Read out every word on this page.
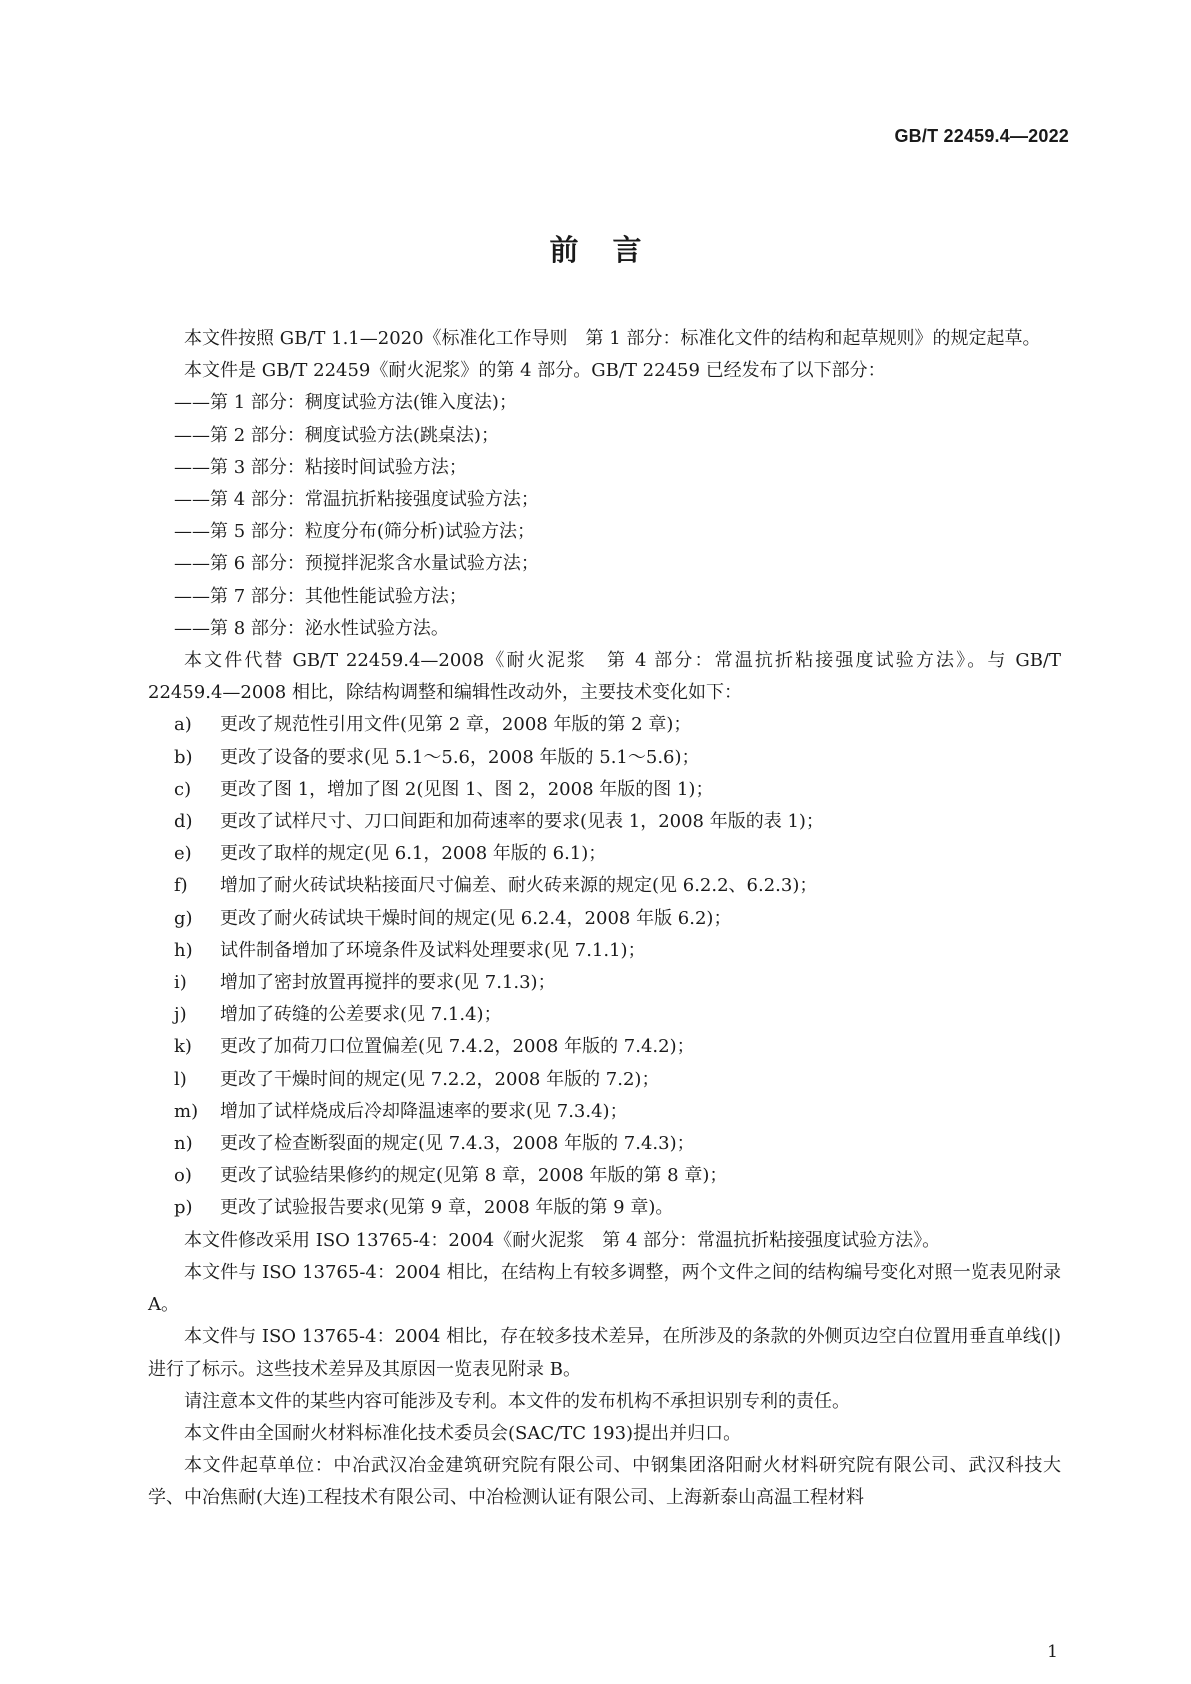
GB/T 22459.4—2022
前言

本文件按照 GB/T 1.1—2020《标准化工作导则　第 1 部分：标准化文件的结构和起草规则》的规定起草。

本文件是 GB/T 22459《耐火泥浆》的第 4 部分。GB/T 22459 已经发布了以下部分：

——第 1 部分：稠度试验方法(锥入度法)；

——第 2 部分：稠度试验方法(跳桌法)；

——第 3 部分：粘接时间试验方法；

——第 4 部分：常温抗折粘接强度试验方法；

——第 5 部分：粒度分布(筛分析)试验方法；

——第 6 部分：预搅拌泥浆含水量试验方法；

——第 7 部分：其他性能试验方法；

——第 8 部分：泌水性试验方法。

本文件代替 GB/T 22459.4—2008《耐火泥浆　第 4 部分：常温抗折粘接强度试验方法》。与 GB/T 22459.4—2008 相比，除结构调整和编辑性改动外，主要技术变化如下：

a) 更改了规范性引用文件(见第 2 章，2008 年版的第 2 章)；

b) 更改了设备的要求(见 5.1～5.6，2008 年版的 5.1～5.6)；

c) 更改了图 1，增加了图 2(见图 1、图 2，2008 年版的图 1)；

d) 更改了试样尺寸、刀口间距和加荷速率的要求(见表 1，2008 年版的表 1)；

e) 更改了取样的规定(见 6.1，2008 年版的 6.1)；

f) 增加了耐火砖试块粘接面尺寸偏差、耐火砖来源的规定(见 6.2.2、6.2.3)；

g) 更改了耐火砖试块干燥时间的规定(见 6.2.4，2008 年版 6.2)；

h) 试件制备增加了环境条件及试料处理要求(见 7.1.1)；

i) 增加了密封放置再搅拌的要求(见 7.1.3)；

j) 增加了砖缝的公差要求(见 7.1.4)；

k) 更改了加荷刀口位置偏差(见 7.4.2，2008 年版的 7.4.2)；

l) 更改了干燥时间的规定(见 7.2.2，2008 年版的 7.2)；

m) 增加了试样烧成后冷却降温速率的要求(见 7.3.4)；

n) 更改了检查断裂面的规定(见 7.4.3，2008 年版的 7.4.3)；

o) 更改了试验结果修约的规定(见第 8 章，2008 年版的第 8 章)；

p) 更改了试验报告要求(见第 9 章，2008 年版的第 9 章)。

本文件修改采用 ISO 13765-4：2004《耐火泥浆　第 4 部分：常温抗折粘接强度试验方法》。

本文件与 ISO 13765-4：2004 相比，在结构上有较多调整，两个文件之间的结构编号变化对照一览表见附录 A。

本文件与 ISO 13765-4：2004 相比，存在较多技术差异，在所涉及的条款的外侧页边空白位置用垂直单线(|)进行了标示。这些技术差异及其原因一览表见附录 B。

请注意本文件的某些内容可能涉及专利。本文件的发布机构不承担识别专利的责任。

本文件由全国耐火材料标准化技术委员会(SAC/TC 193)提出并归口。

本文件起草单位：中冶武汉冶金建筑研究院有限公司、中钢集团洛阳耐火材料研究院有限公司、武汉科技大学、中冶焦耐(大连)工程技术有限公司、中冶检测认证有限公司、上海新泰山高温工程材料

1
